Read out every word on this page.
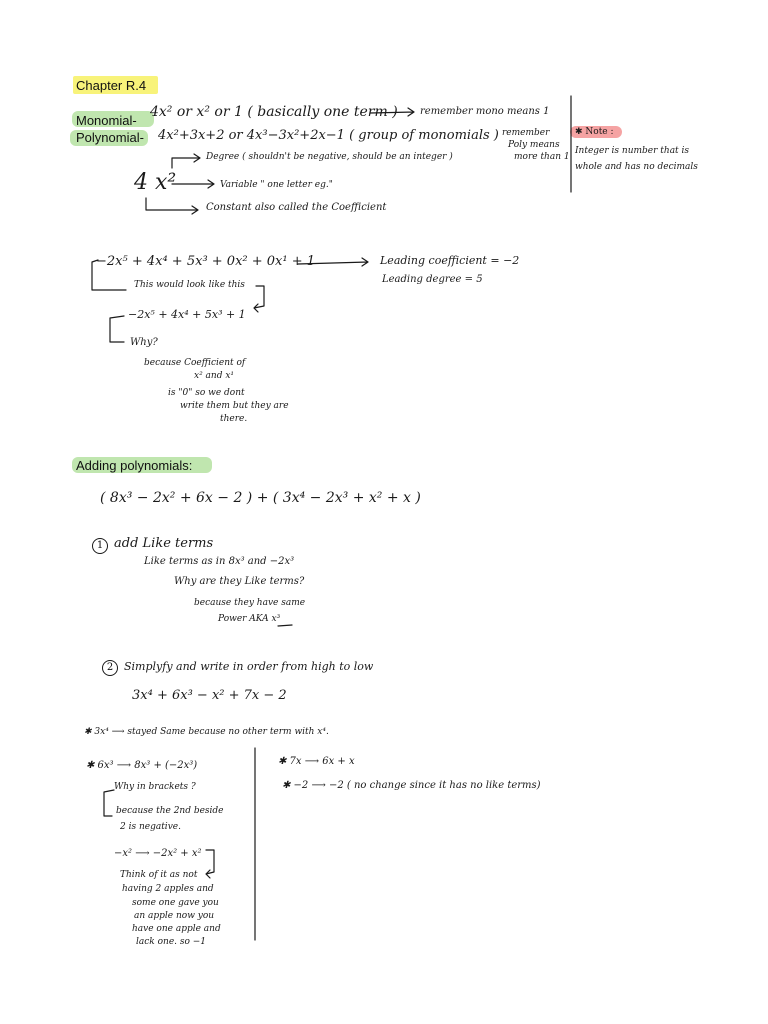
Chapter R.4
Monomial-
Polynomial-
Adding polynomials:
4x² or x² or 1 ( basically one term ) remember mono means 1
4x²+3x+2 or 4x³−3x²+2x−1 ( group of monomials ) remember
Poly means
more than 1
Degree ( shouldn't be negative, should be an integer )
4 x²	Variable " one letter eg."
Constant also called the Coefficient
✱ Note :
Integer is number that is
whole and has no decimals
−2x⁵ + 4x⁴ + 5x³ + 0x² + 0x¹ + 1	Leading coefficient = −2
Leading degree = 5
This would look like this
−2x⁵ + 4x⁴ + 5x³ + 1
Why?
because Coefficient of
x² and x¹
is "0" so we dont
write them but they are
there.
( 8x³ − 2x² + 6x − 2 ) + ( 3x⁴ − 2x³ + x² + x )
1 add Like terms
Like terms as in 8x³ and −2x³
Why are they Like terms?
because they have same
Power AKA x³
2 Simplyfy and write in order from high to low
3x⁴ + 6x³ − x² + 7x − 2
✱ 3x⁴ ⟶ stayed Same because no other term with x⁴.
✱ 6x³ ⟶ 8x³ + (−2x³)
Why in brackets ?
because the 2nd beside
2 is negative.
−x² ⟶ −2x² + x²
Think of it as not
having 2 apples and
some one gave you
an apple now you
have one apple and
lack one. so −1
✱ 7x ⟶ 6x + x
✱ −2 ⟶ −2 ( no change since it has no like terms)
